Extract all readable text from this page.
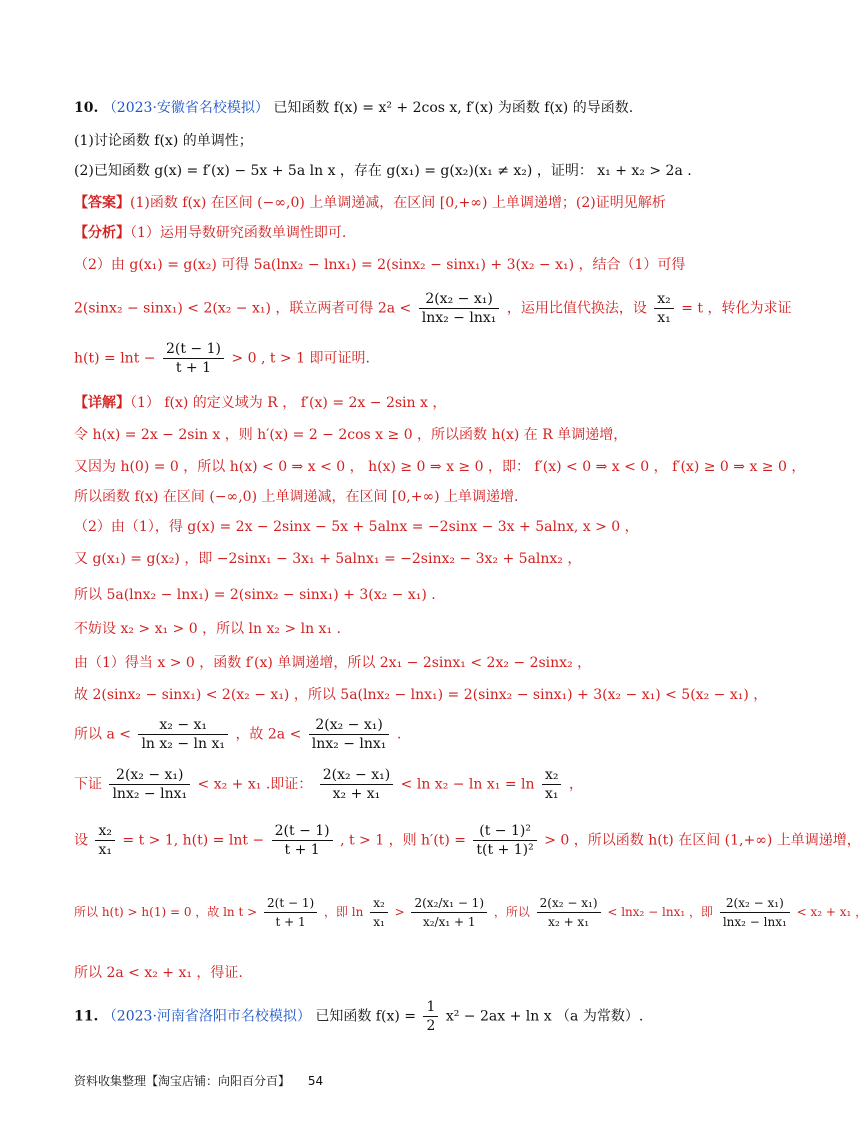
10. （2023·安徽省名校模拟） 已知函数 f(x) = x² + 2cos x, f′(x) 为函数 f(x) 的导函数.
(1)讨论函数 f(x) 的单调性；
(2)已知函数 g(x) = f′(x) − 5x + 5a ln x ，存在 g(x₁) = g(x₂)(x₁ ≠ x₂) ，证明： x₁ + x₂ > 2a .
【答案】(1)函数 f(x) 在区间 (−∞,0) 上单调递减，在区间 [0,+∞) 上单调递增；(2)证明见解析
【分析】（1）运用导数研究函数单调性即可.
（2）由 g(x₁) = g(x₂) 可得 5a(lnx₂ − lnx₁) = 2(sinx₂ − sinx₁) + 3(x₂ − x₁) ，结合（1）可得
2(sinx₂ − sinx₁) < 2(x₂ − x₁) ，联立两者可得 $2a < \frac{\text{2(x₂ − x₁)}}{\text{lnx₂ − lnx₁}}$ ，运用比值代换法，设 $\frac{\text{x₂}}{\text{x₁}} = t$ ，转化为求证
$h(t) = \ln t - \frac{2(t - 1)}{t + 1} > 0$ , t > 1 即可证明.
【详解】（1） f(x) 的定义域为 R ， f′(x) = 2x − 2sin x ，
令 h(x) = 2x − 2sin x ，则 h′(x) = 2 − 2cos x ≥ 0 ，所以函数 h(x) 在 R 单调递增，
又因为 h(0) = 0 ，所以 h(x) < 0 ⇒ x < 0 ， h(x) ≥ 0 ⇒ x ≥ 0 ，即： f′(x) < 0 ⇒ x < 0 ， f′(x) ≥ 0 ⇒ x ≥ 0 ，
所以函数 f(x) 在区间 (−∞,0) 上单调递减，在区间 [0,+∞) 上单调递增.
（2）由（1），得 g(x) = 2x − 2sinx − 5x + 5alnx = −2sinx − 3x + 5alnx, x > 0 ，
又 g(x₁) = g(x₂) ，即 −2sinx₁ − 3x₁ + 5alnx₁ = −2sinx₂ − 3x₂ + 5alnx₂ ，
所以 5a(lnx₂ − lnx₁) = 2(sinx₂ − sinx₁) + 3(x₂ − x₁) .
不妨设 x₂ > x₁ > 0 ，所以 ln x₂ > ln x₁ .
由（1）得当 x > 0 ，函数 f′(x) 单调递增，所以 2x₁ − 2sinx₁ < 2x₂ − 2sinx₂ ，
故 2(sinx₂ − sinx₁) < 2(x₂ − x₁) ，所以 5a(lnx₂ − lnx₁) = 2(sinx₂ − sinx₁) + 3(x₂ − x₁) < 5(x₂ − x₁) ，
所以 $a < \frac{\text{x₂ − x₁}}{\text{ln x₂ − ln x₁}}$ ，故 $2a < \frac{\text{2(x₂ − x₁)}}{\text{lnx₂ − lnx₁}}$ .
下证 $\frac{\text{2(x₂ − x₁)}}{\text{lnx₂ − lnx₁}} < x_2 + x_1$ .即证： $\frac{\text{2(x₂ − x₁)}}{\text{x₂ + x₁}} < \ln x_2 - \ln x_1 = \ln \frac{\text{x₂}}{\text{x₁}}$ ，
设 $\frac{\text{x₂}}{\text{x₁}} = t > 1$, $h(t) = \ln t - \frac{2(t - 1)}{t + 1}$ , t > 1 ，则 $h'(t) = \frac{\text{(t − 1)²}}{\text{t(t + 1)²}} > 0$ ，所以函数 h(t) 在区间 (1,+∞) 上单调递增，
所以 h(t) > h(1) = 0 ，故 $\ln t > \frac{2(t - 1)}{t + 1}$ ，即 $\ln \frac{\text{x₂}}{\text{x₁}} > \frac{\text{2(x₂/x₁ − 1)}}{\text{x₂/x₁ + 1}}$ ，所以 $\frac{\text{2(x₂ − x₁)}}{\text{x₂ + x₁}} < \ln x_2 - \ln x_1$ ，即 $\frac{\text{2(x₂ − x₁)}}{\text{lnx₂ − lnx₁}} < x_2 + x_1$ ，
所以 2a < x₂ + x₁ ，得证.
11. （2023·河南省洛阳市名校模拟） 已知函数 $f(x) = \frac{1}{2} x^2 - 2ax + \ln x$ （a 为常数）.
资料收集整理【淘宝店铺：向阳百分百】 54
